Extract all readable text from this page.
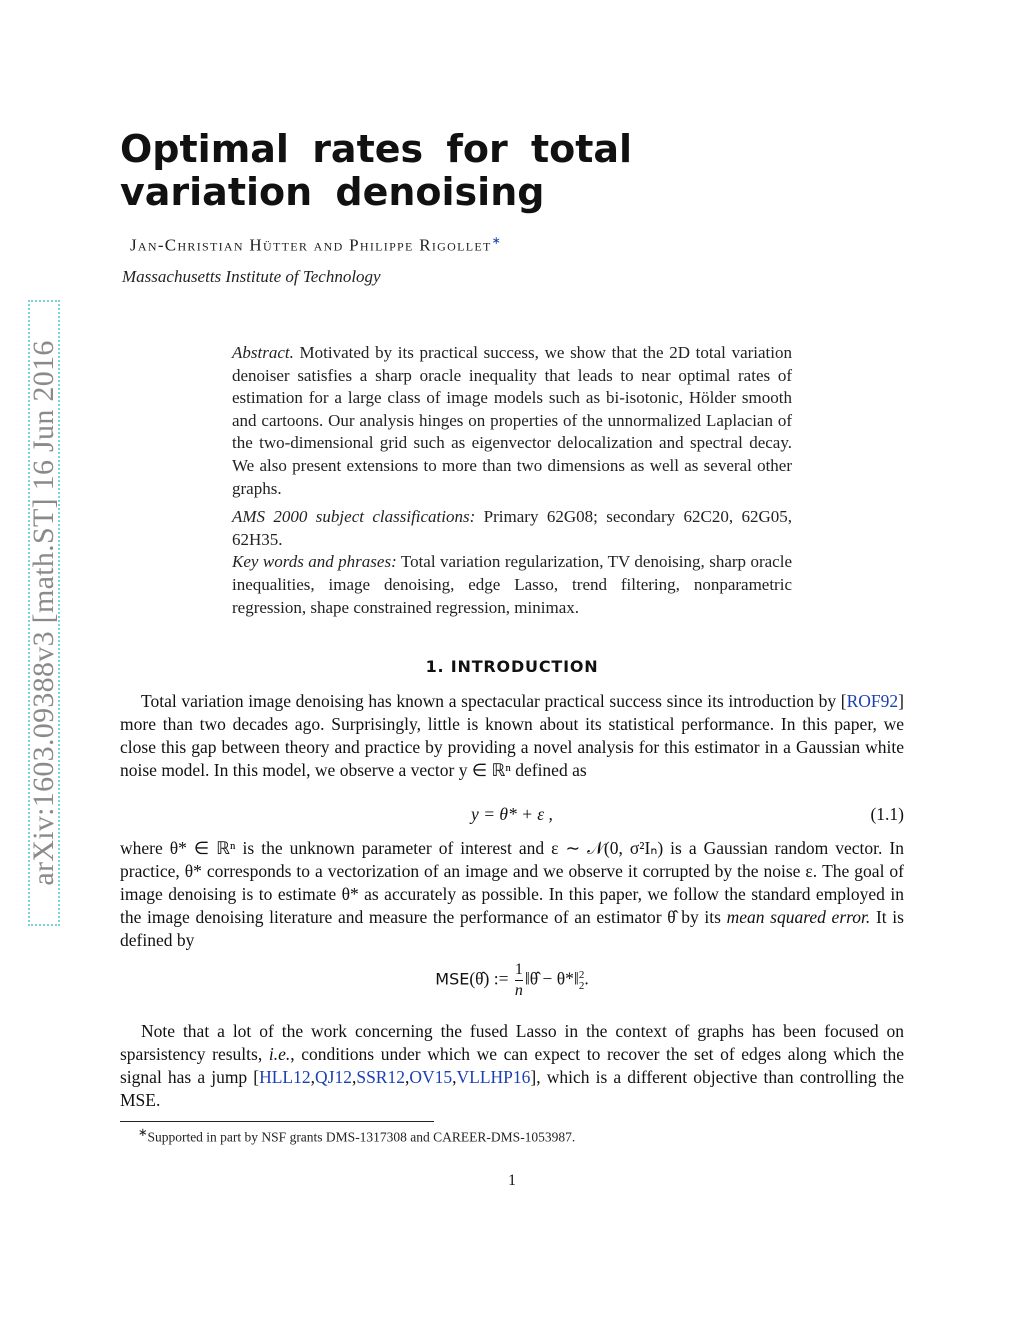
arXiv:1603.09388v3 [math.ST] 16 Jun 2016
Optimal rates for total variation denoising
Jan-Christian Hütter and Philippe Rigollet∗
Massachusetts Institute of Technology

Abstract. Motivated by its practical success, we show that the 2D total variation denoiser satisfies a sharp oracle inequality that leads to near optimal rates of estimation for a large class of image models such as bi-isotonic, Hölder smooth and cartoons. Our analysis hinges on properties of the unnormalized Laplacian of the two-dimensional grid such as eigenvector delocalization and spectral decay. We also present extensions to more than two dimensions as well as several other graphs.

AMS 2000 subject classifications: Primary 62G08; secondary 62C20, 62G05, 62H35.

Key words and phrases: Total variation regularization, TV denoising, sharp oracle inequalities, image denoising, edge Lasso, trend filtering, nonparametric regression, shape constrained regression, minimax.

1. INTRODUCTION

Total variation image denoising has known a spectacular practical success since its introduction by [ROF92] more than two decades ago. Surprisingly, little is known about its statistical performance. In this paper, we close this gap between theory and practice by providing a novel analysis for this estimator in a Gaussian white noise model. In this model, we observe a vector y ∈ ℝⁿ defined as

y = θ* + ε ,	(1.1)

where θ* ∈ ℝⁿ is the unknown parameter of interest and ε ∼ 𝒩(0, σ²Iₙ) is a Gaussian random vector. In practice, θ* corresponds to a vectorization of an image and we observe it corrupted by the noise ε. The goal of image denoising is to estimate θ* as accurately as possible. In this paper, we follow the standard employed in the image denoising literature and measure the performance of an estimator θ̂ by its mean squared error. It is defined by

MSE(θ̂) := $\frac{1}{n}$ ‖θ̂ − θ*‖ 2
2 .

Note that a lot of the work concerning the fused Lasso in the context of graphs has been focused on sparsistency results, i.e., conditions under which we can expect to recover the set of edges along which the signal has a jump [HLL12,QJ12,SSR12,OV15,VLLHP16], which is a different objective than controlling the MSE.

∗Supported in part by NSF grants DMS-1317308 and CAREER-DMS-1053987.
1
